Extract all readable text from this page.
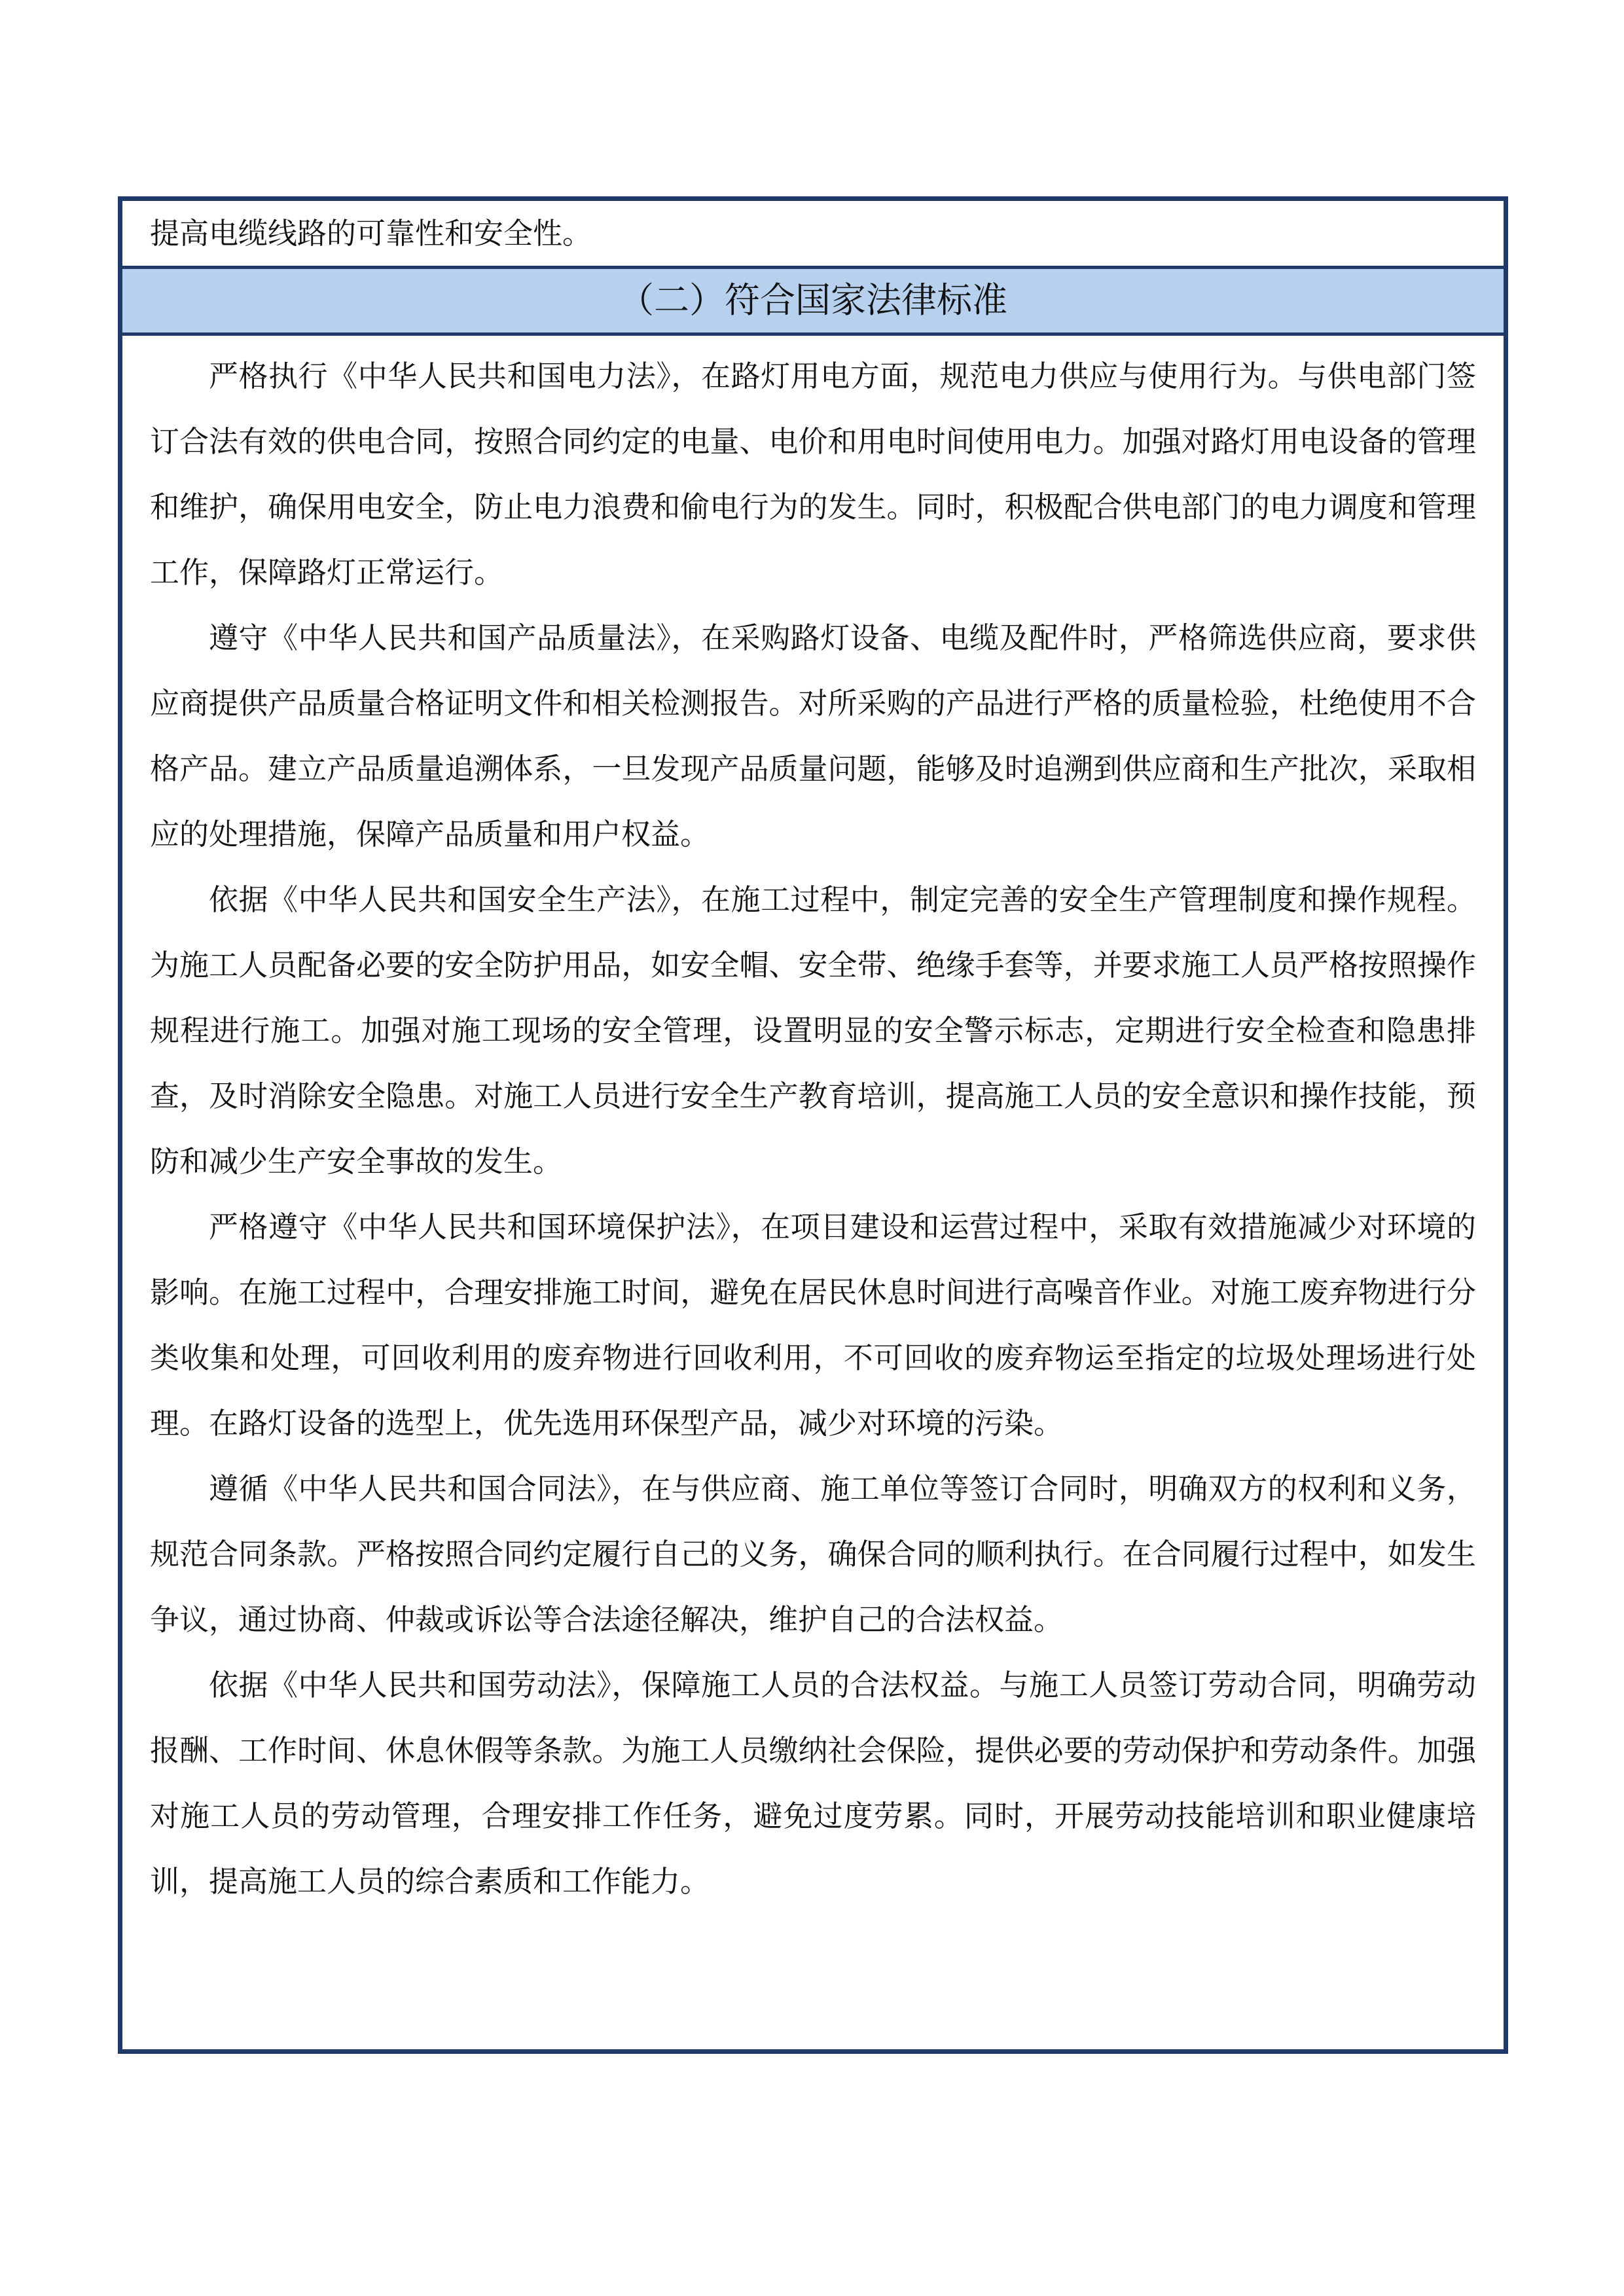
提高电缆线路的可靠性和安全性。
（二）符合国家法律标准

严格执行《中华人民共和国电力法》，在路灯用电方面，规范电力供应与使用行为。与供电部门签订合法有效的供电合同，按照合同约定的电量、电价和用电时间使用电力。加强对路灯用电设备的管理和维护，确保用电安全，防止电力浪费和偷电行为的发生。同时，积极配合供电部门的电力调度和管理工作，保障路灯正常运行。

遵守《中华人民共和国产品质量法》，在采购路灯设备、电缆及配件时，严格筛选供应商，要求供应商提供产品质量合格证明文件和相关检测报告。对所采购的产品进行严格的质量检验，杜绝使用不合格产品。建立产品质量追溯体系，一旦发现产品质量问题，能够及时追溯到供应商和生产批次，采取相应的处理措施，保障产品质量和用户权益。

依据《中华人民共和国安全生产法》，在施工过程中，制定完善的安全生产管理制度和操作规程。为施工人员配备必要的安全防护用品，如安全帽、安全带、绝缘手套等，并要求施工人员严格按照操作规程进行施工。加强对施工现场的安全管理，设置明显的安全警示标志，定期进行安全检查和隐患排查，及时消除安全隐患。对施工人员进行安全生产教育培训，提高施工人员的安全意识和操作技能，预防和减少生产安全事故的发生。

严格遵守《中华人民共和国环境保护法》，在项目建设和运营过程中，采取有效措施减少对环境的影响。在施工过程中，合理安排施工时间，避免在居民休息时间进行高噪音作业。对施工废弃物进行分类收集和处理，可回收利用的废弃物进行回收利用，不可回收的废弃物运至指定的垃圾处理场进行处理。在路灯设备的选型上，优先选用环保型产品，减少对环境的污染。

遵循《中华人民共和国合同法》，在与供应商、施工单位等签订合同时，明确双方的权利和义务，规范合同条款。严格按照合同约定履行自己的义务，确保合同的顺利执行。在合同履行过程中，如发生争议，通过协商、仲裁或诉讼等合法途径解决，维护自己的合法权益。

依据《中华人民共和国劳动法》，保障施工人员的合法权益。与施工人员签订劳动合同，明确劳动报酬、工作时间、休息休假等条款。为施工人员缴纳社会保险，提供必要的劳动保护和劳动条件。加强对施工人员的劳动管理，合理安排工作任务，避免过度劳累。同时，开展劳动技能培训和职业健康培训，提高施工人员的综合素质和工作能力。
